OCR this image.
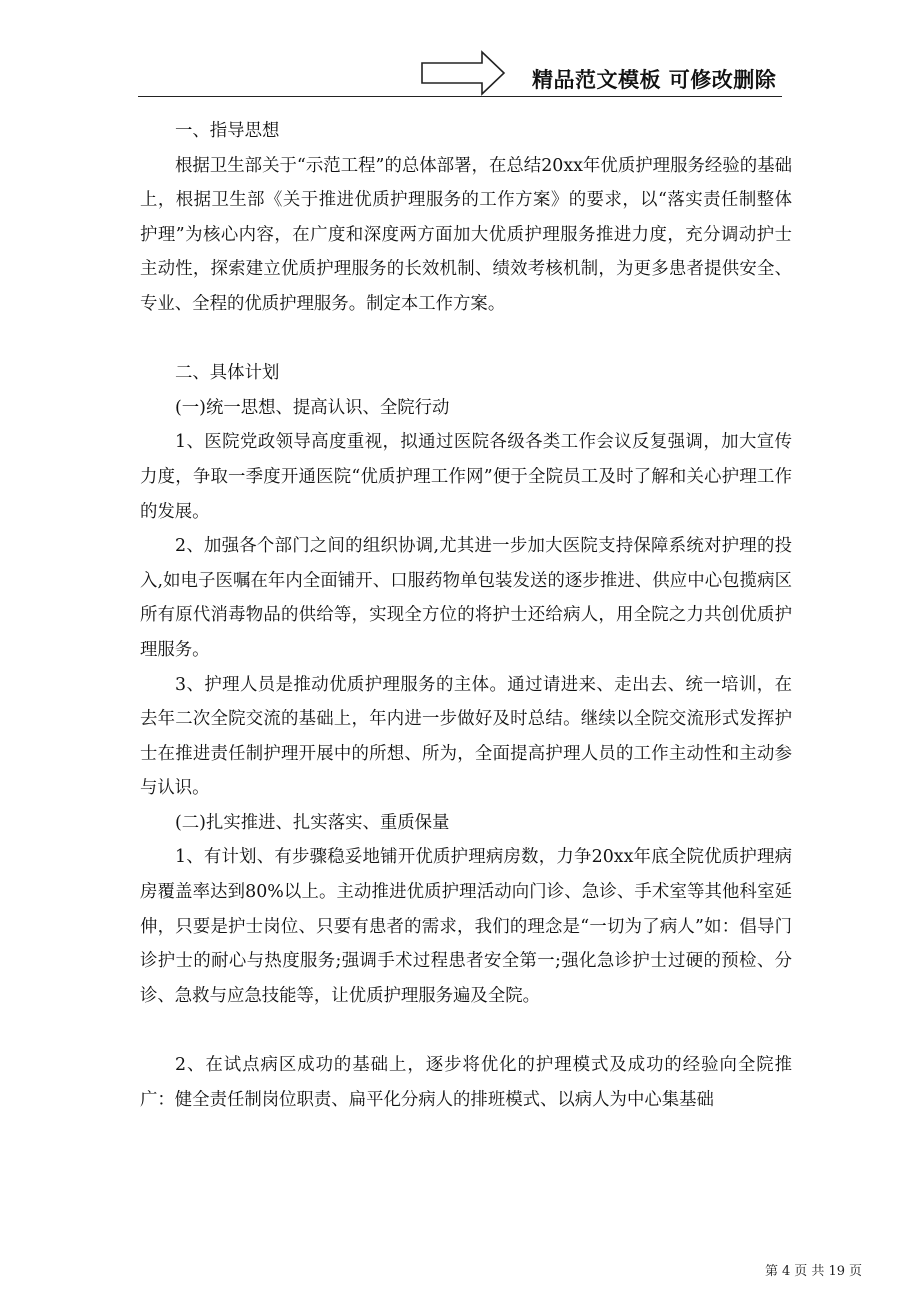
精品范文模板 可修改删除

一、指导思想

根据卫生部关于“示范工程”的总体部署，在总结20xx年优质护理服务经验的基础上，根据卫生部《关于推进优质护理服务的工作方案》的要求，以“落实责任制整体护理”为核心内容，在广度和深度两方面加大优质护理服务推进力度，充分调动护士主动性，探索建立优质护理服务的长效机制、绩效考核机制，为更多患者提供安全、专业、全程的优质护理服务。制定本工作方案。

二、具体计划

(一)统一思想、提高认识、全院行动

1、医院党政领导高度重视，拟通过医院各级各类工作会议反复强调，加大宣传力度，争取一季度开通医院“优质护理工作网”便于全院员工及时了解和关心护理工作的发展。

2、加强各个部门之间的组织协调,尤其进一步加大医院支持保障系统对护理的投入,如电子医嘱在年内全面铺开、口服药物单包装发送的逐步推进、供应中心包揽病区所有原代消毒物品的供给等，实现全方位的将护士还给病人，用全院之力共创优质护理服务。

3、护理人员是推动优质护理服务的主体。通过请进来、走出去、统一培训，在去年二次全院交流的基础上，年内进一步做好及时总结。继续以全院交流形式发挥护士在推进责任制护理开展中的所想、所为，全面提高护理人员的工作主动性和主动参与认识。

(二)扎实推进、扎实落实、重质保量

1、有计划、有步骤稳妥地铺开优质护理病房数，力争20xx年底全院优质护理病房覆盖率达到80%以上。主动推进优质护理活动向门诊、急诊、手术室等其他科室延伸，只要是护士岗位、只要有患者的需求，我们的理念是“一切为了病人”如：倡导门诊护士的耐心与热度服务;强调手术过程患者安全第一;强化急诊护士过硬的预检、分诊、急救与应急技能等，让优质护理服务遍及全院。

2、在试点病区成功的基础上，逐步将优化的护理模式及成功的经验向全院推广：健全责任制岗位职责、扁平化分病人的排班模式、以病人为中心集基础

第 4 页 共 19 页
